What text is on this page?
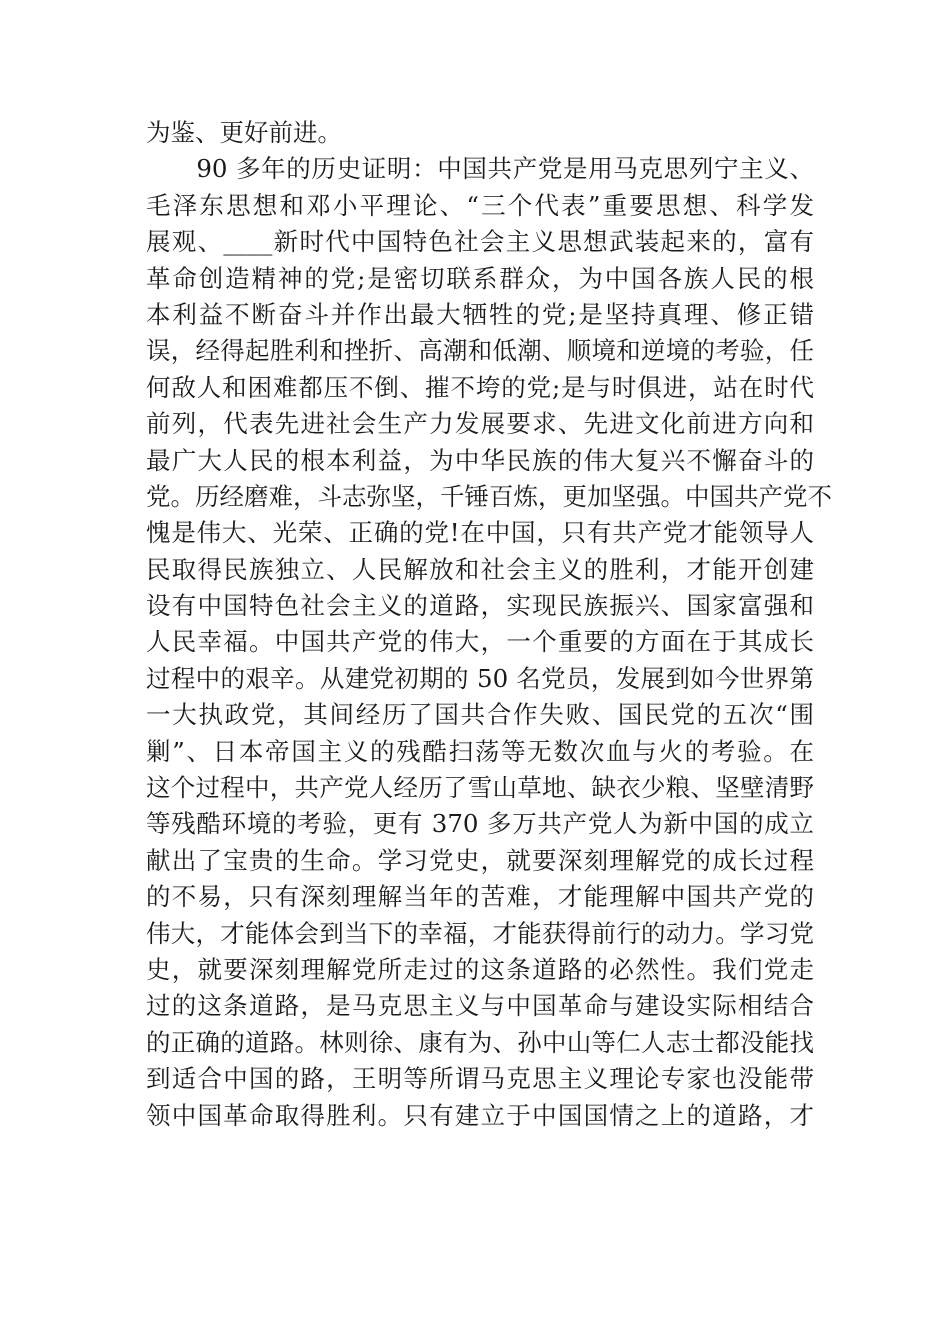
为鉴、更好前进。
　　90 多年的历史证明：中国共产党是用马克思列宁主义、
毛泽东思想和邓小平理论、“三个代表”重要思想、科学发
展观、____新时代中国特色社会主义思想武装起来的，富有
革命创造精神的党;是密切联系群众，为中国各族人民的根
本利益不断奋斗并作出最大牺牲的党;是坚持真理、修正错
误，经得起胜利和挫折、高潮和低潮、顺境和逆境的考验，任
何敌人和困难都压不倒、摧不垮的党;是与时俱进，站在时代
前列，代表先进社会生产力发展要求、先进文化前进方向和
最广大人民的根本利益，为中华民族的伟大复兴不懈奋斗的
党。历经磨难，斗志弥坚，千锤百炼，更加坚强。中国共产党不
愧是伟大、光荣、正确的党!在中国，只有共产党才能领导人
民取得民族独立、人民解放和社会主义的胜利，才能开创建
设有中国特色社会主义的道路，实现民族振兴、国家富强和
人民幸福。中国共产党的伟大，一个重要的方面在于其成长
过程中的艰辛。从建党初期的 50 名党员，发展到如今世界第
一大执政党，其间经历了国共合作失败、国民党的五次“围
剿”、日本帝国主义的残酷扫荡等无数次血与火的考验。在
这个过程中，共产党人经历了雪山草地、缺衣少粮、坚壁清野
等残酷环境的考验，更有 370 多万共产党人为新中国的成立
献出了宝贵的生命。学习党史，就要深刻理解党的成长过程
的不易，只有深刻理解当年的苦难，才能理解中国共产党的
伟大，才能体会到当下的幸福，才能获得前行的动力。学习党
史，就要深刻理解党所走过的这条道路的必然性。我们党走
过的这条道路，是马克思主义与中国革命与建设实际相结合
的正确的道路。林则徐、康有为、孙中山等仁人志士都没能找
到适合中国的路，王明等所谓马克思主义理论专家也没能带
领中国革命取得胜利。只有建立于中国国情之上的道路，才
